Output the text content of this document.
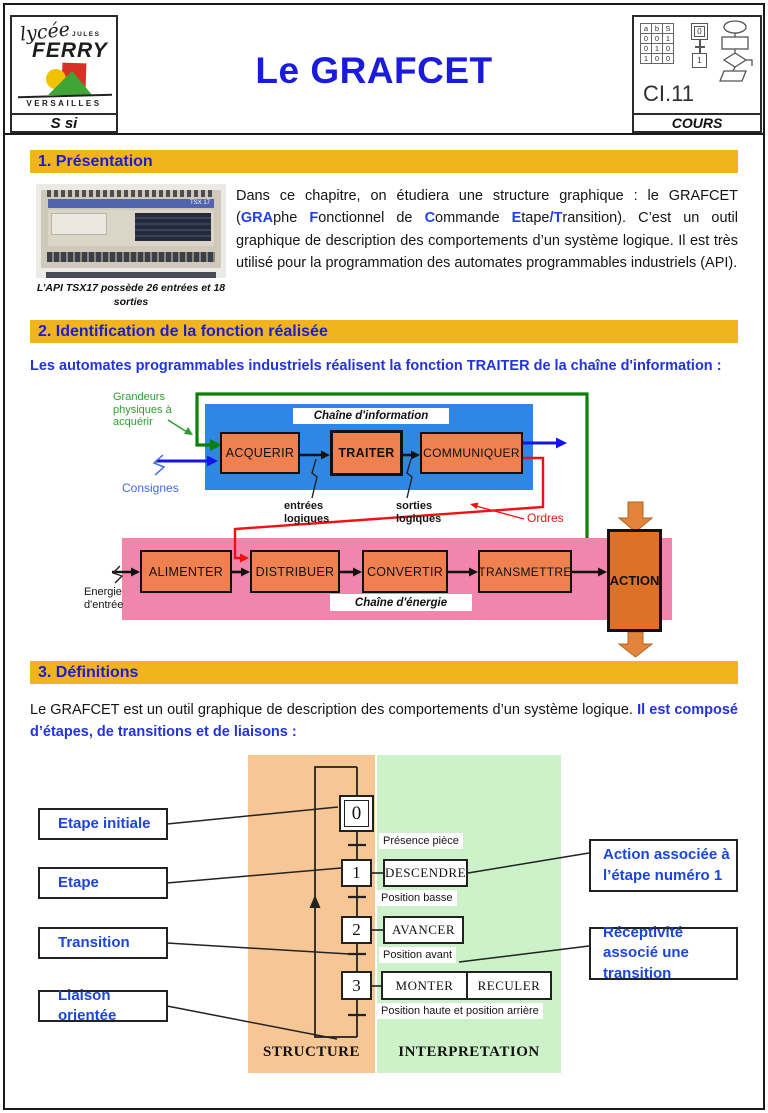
lycée JULES
FERRY
VERSAILLES
S si
Le GRAFCET
a	b	S
0	0	1
0	1	0
1	0	0
0
1
CI.11
COURS
1. Présentation
TSX 17
L’API TSX17 possède 26 entrées et 18 sorties

Dans ce chapitre, on étudiera une structure graphique : le GRAFCET (GRAphe Fonctionnel de Commande Etape/Transition). C’est un outil graphique de description des comportements d’un système logique. Il est très utilisé pour la programmation des automates programmables industriels (API).

2. Identification de la fonction réalisée
Les automates programmables industriels réalisent la fonction TRAITER de la chaîne d'information :
Chaîne d'information
ACQUERIR	TRAITER	COMMUNIQUER
Grandeurs physiques à acquérir
Consignes
entrées logiques
sorties logiques	Ordres
Chaîne d'énergie
ALIMENTER	DISTRIBUER	CONVERTIR	TRANSMETTRE
ACTION
Energie d'entrée
3. Définitions

Le GRAFCET est un outil graphique de description des comportements d’un système logique. Il est composé d’étapes, de transitions et de liaisons :

0
1
2
3
DESCENDRE
AVANCER
MONTER	RECULER
Présence pièce
Position basse
Position avant
Position haute et position arrière
Etape initiale
Etape
Transition
Liaison orientée
Action associée à l’étape numéro 1
Réceptivité associé une transition
STRUCTURE	INTERPRETATION
